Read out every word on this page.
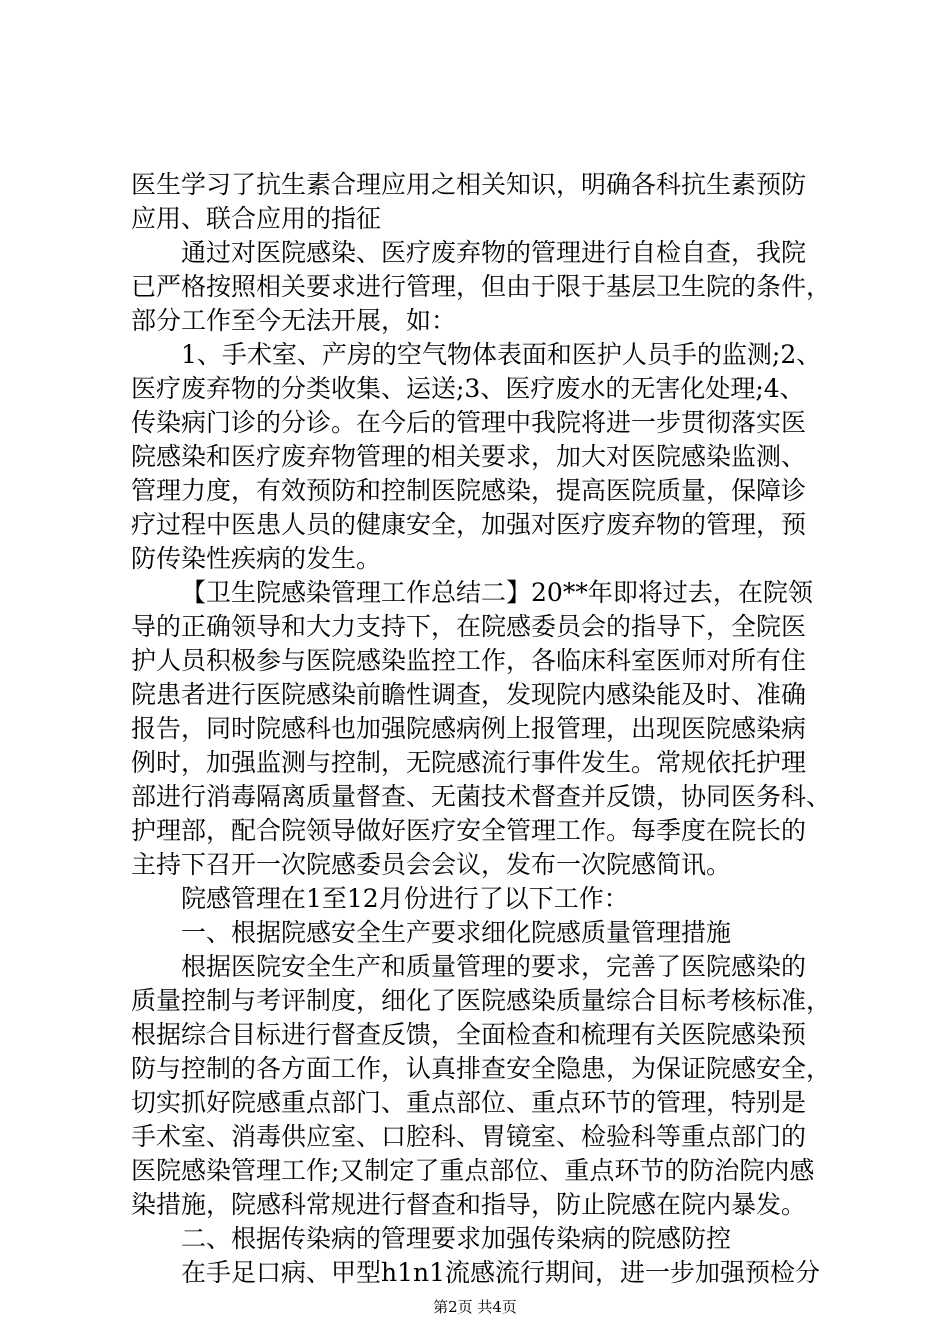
医生学习了抗生素合理应用之相关知识，明确各科抗生素预防
应用、联合应用的指征
通过对医院感染、医疗废弃物的管理进行自检自查，我院
已严格按照相关要求进行管理，但由于限于基层卫生院的条件，
部分工作至今无法开展，如：
1、手术室、产房的空气物体表面和医护人员手的监测;2、
医疗废弃物的分类收集、运送;3、医疗废水的无害化处理;4、
传染病门诊的分诊。在今后的管理中我院将进一步贯彻落实医
院感染和医疗废弃物管理的相关要求，加大对医院感染监测、
管理力度，有效预防和控制医院感染，提高医院质量，保障诊
疗过程中医患人员的健康安全，加强对医疗废弃物的管理，预
防传染性疾病的发生。
【卫生院感染管理工作总结二】20**年即将过去，在院领
导的正确领导和大力支持下，在院感委员会的指导下，全院医
护人员积极参与医院感染监控工作，各临床科室医师对所有住
院患者进行医院感染前瞻性调查，发现院内感染能及时、准确
报告，同时院感科也加强院感病例上报管理，出现医院感染病
例时，加强监测与控制，无院感流行事件发生。常规依托护理
部进行消毒隔离质量督查、无菌技术督查并反馈，协同医务科、
护理部，配合院领导做好医疗安全管理工作。每季度在院长的
主持下召开一次院感委员会会议，发布一次院感简讯。
院感管理在1至12月份进行了以下工作：
一、根据院感安全生产要求细化院感质量管理措施
根据医院安全生产和质量管理的要求，完善了医院感染的
质量控制与考评制度，细化了医院感染质量综合目标考核标准，
根据综合目标进行督查反馈，全面检查和梳理有关医院感染预
防与控制的各方面工作，认真排查安全隐患，为保证院感安全，
切实抓好院感重点部门、重点部位、重点环节的管理，特别是
手术室、消毒供应室、口腔科、胃镜室、检验科等重点部门的
医院感染管理工作;又制定了重点部位、重点环节的防治院内感
染措施，院感科常规进行督查和指导，防止院感在院内暴发。
二、根据传染病的管理要求加强传染病的院感防控
在手足口病、甲型h1n1流感流行期间，进一步加强预检分
第2页 共4页
